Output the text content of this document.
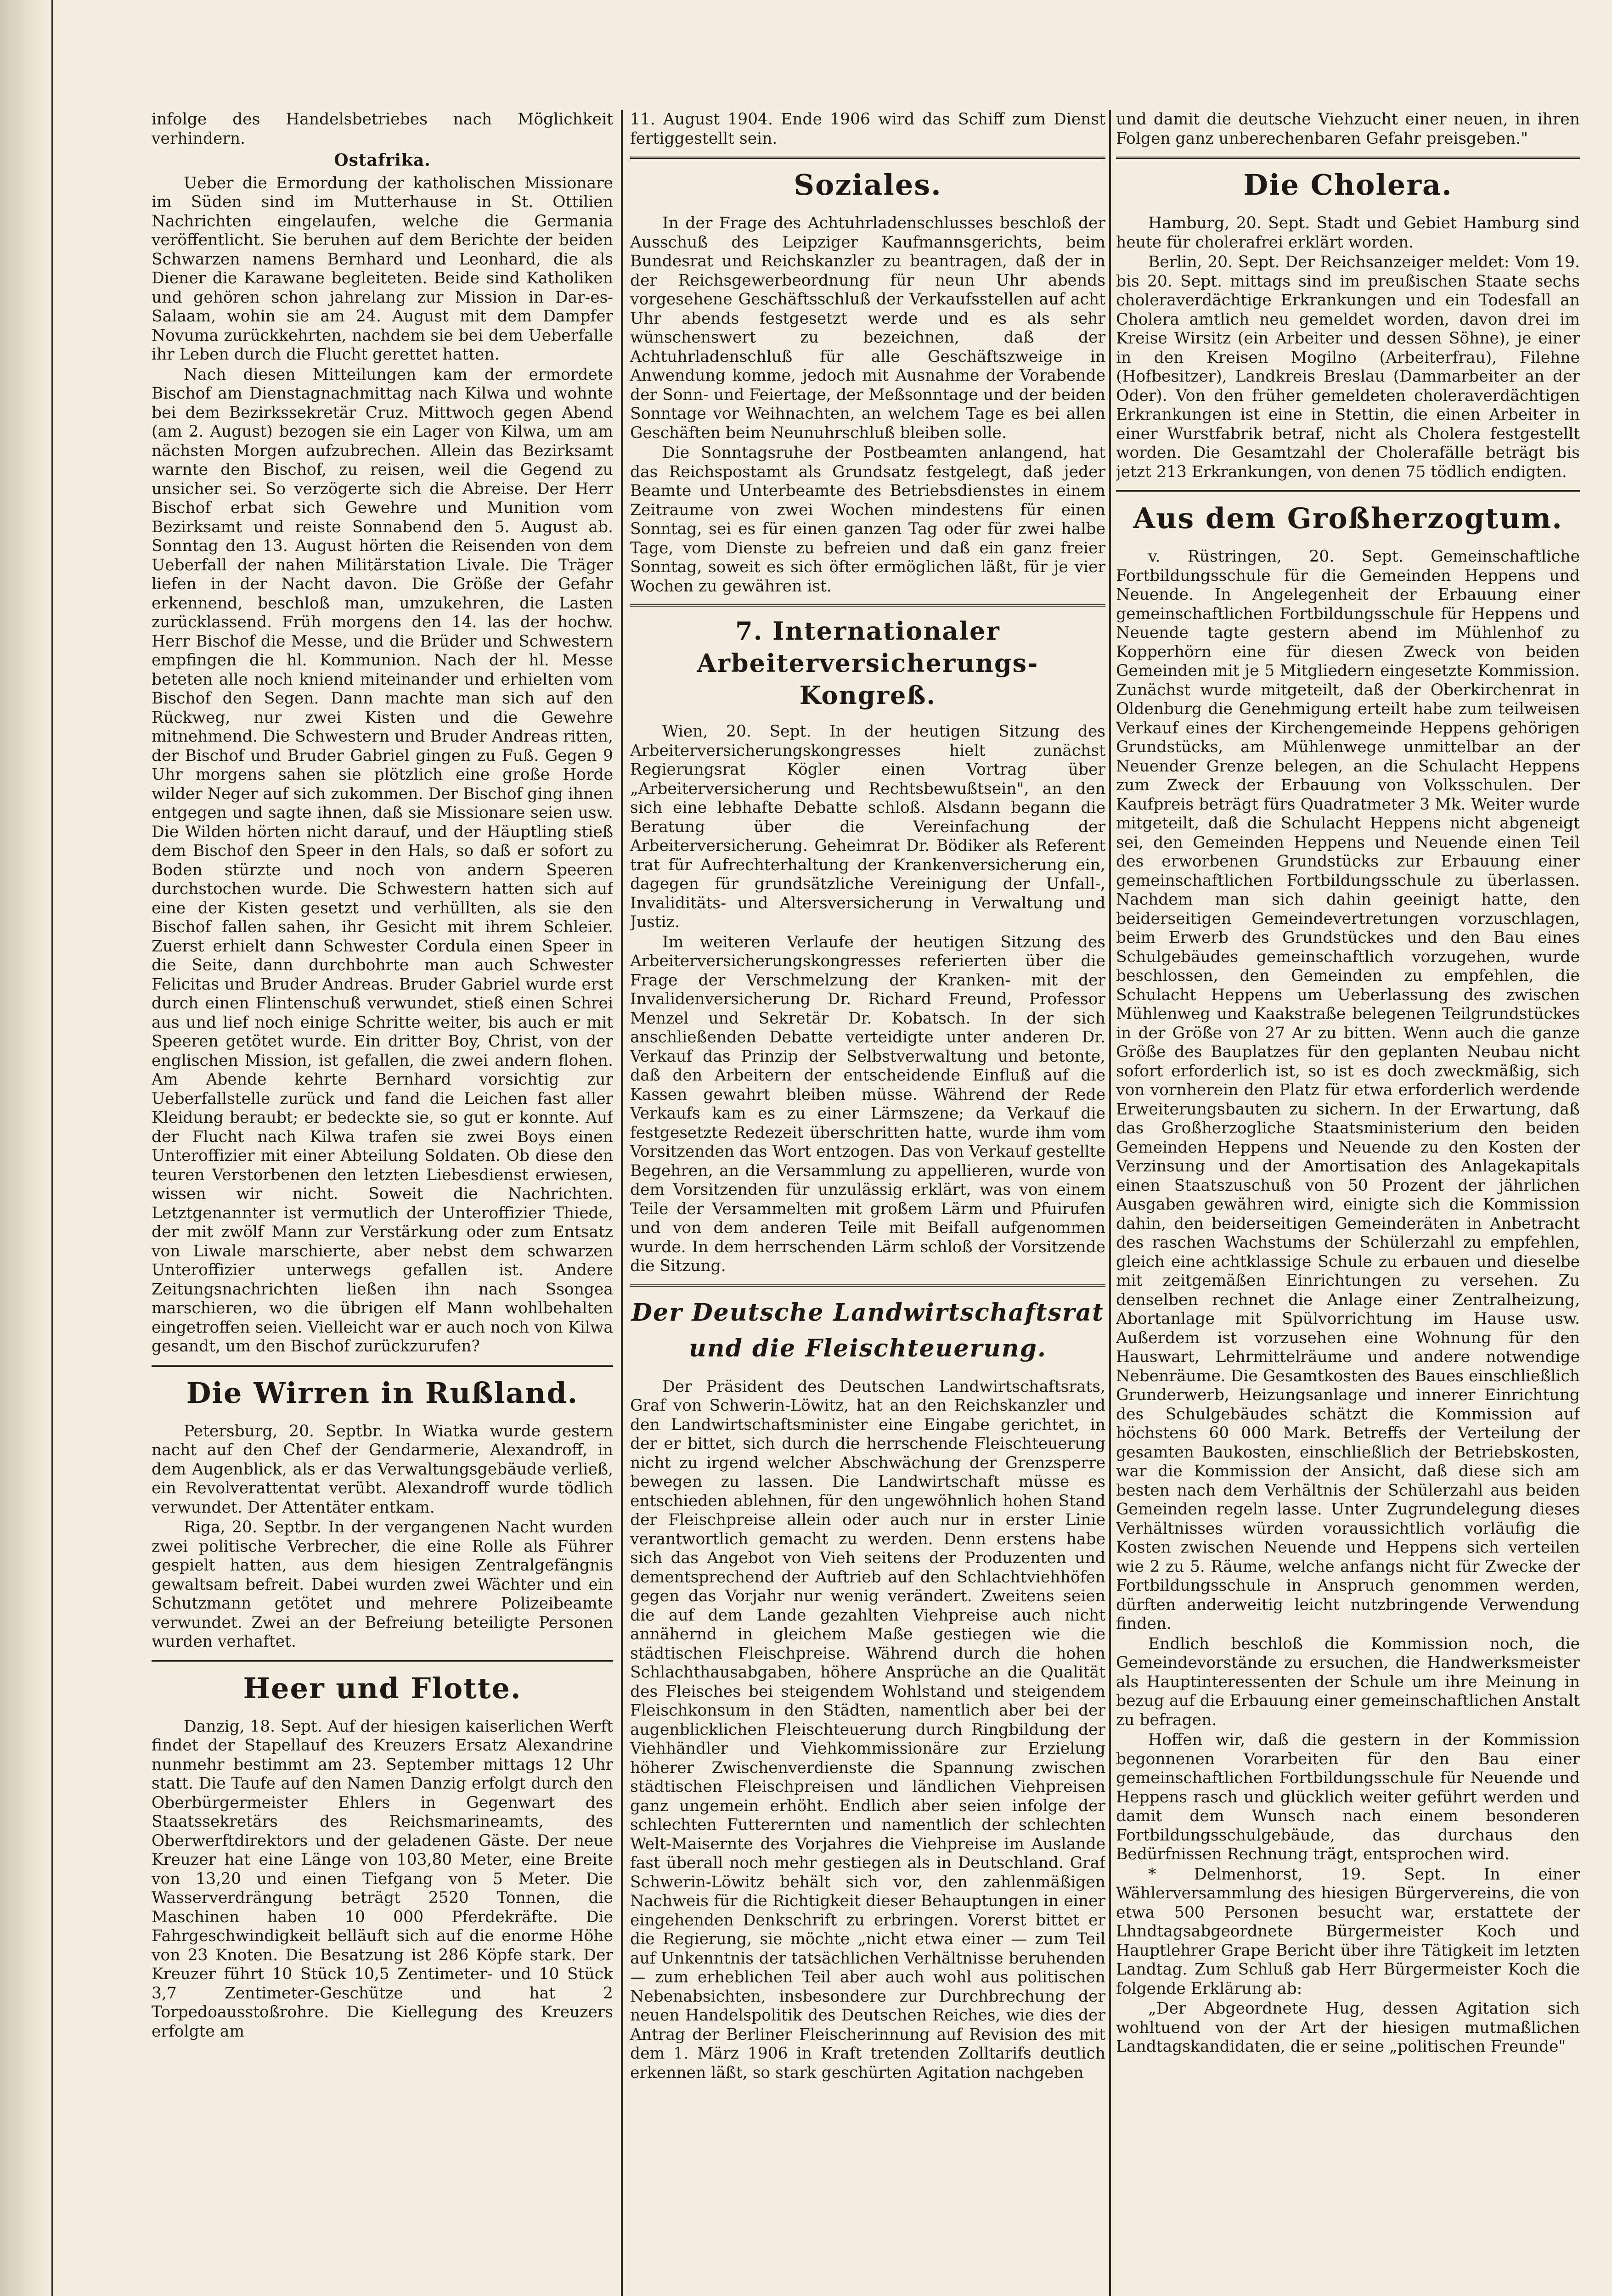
infolge des Handelsbetriebes nach Möglichkeit verhindern.

Ostafrika.

Ueber die Ermordung der katholischen Missionare im Süden sind im Mutterhause in St. Ottilien Nachrichten eingelaufen, welche die Germania veröffentlicht. Sie beruhen auf dem Berichte der beiden Schwarzen namens Bernhard und Leonhard, die als Diener die Karawane begleiteten. Beide sind Katholiken und gehören schon jahrelang zur Mission in Dar-es-Salaam, wohin sie am 24. August mit dem Dampfer Novuma zurückkehrten, nachdem sie bei dem Ueberfalle ihr Leben durch die Flucht gerettet hatten.

Nach diesen Mitteilungen kam der ermordete Bischof am Dienstagnachmittag nach Kilwa und wohnte bei dem Bezirkssekretär Cruz. Mittwoch gegen Abend (am 2. August) bezogen sie ein Lager von Kilwa, um am nächsten Morgen aufzubrechen. Allein das Bezirksamt warnte den Bischof, zu reisen, weil die Gegend zu unsicher sei. So verzögerte sich die Abreise. Der Herr Bischof erbat sich Gewehre und Munition vom Bezirksamt und reiste Sonnabend den 5. August ab. Sonntag den 13. August hörten die Reisenden von dem Ueberfall der nahen Militärstation Livale. Die Träger liefen in der Nacht davon. Die Größe der Gefahr erkennend, beschloß man, umzukehren, die Lasten zurücklassend. Früh morgens den 14. las der hochw. Herr Bischof die Messe, und die Brüder und Schwestern empfingen die hl. Kommunion. Nach der hl. Messe beteten alle noch kniend miteinander und erhielten vom Bischof den Segen. Dann machte man sich auf den Rückweg, nur zwei Kisten und die Gewehre mitnehmend. Die Schwestern und Bruder Andreas ritten, der Bischof und Bruder Gabriel gingen zu Fuß. Gegen 9 Uhr morgens sahen sie plötzlich eine große Horde wilder Neger auf sich zukommen. Der Bischof ging ihnen entgegen und sagte ihnen, daß sie Missionare seien usw. Die Wilden hörten nicht darauf, und der Häuptling stieß dem Bischof den Speer in den Hals, so daß er sofort zu Boden stürzte und noch von andern Speeren durchstochen wurde. Die Schwestern hatten sich auf eine der Kisten gesetzt und verhüllten, als sie den Bischof fallen sahen, ihr Gesicht mit ihrem Schleier. Zuerst erhielt dann Schwester Cordula einen Speer in die Seite, dann durchbohrte man auch Schwester Felicitas und Bruder Andreas. Bruder Gabriel wurde erst durch einen Flintenschuß verwundet, stieß einen Schrei aus und lief noch einige Schritte weiter, bis auch er mit Speeren getötet wurde. Ein dritter Boy, Christ, von der englischen Mission, ist gefallen, die zwei andern flohen. Am Abende kehrte Bernhard vorsichtig zur Ueberfallstelle zurück und fand die Leichen fast aller Kleidung beraubt; er bedeckte sie, so gut er konnte. Auf der Flucht nach Kilwa trafen sie zwei Boys einen Unteroffizier mit einer Abteilung Soldaten. Ob diese den teuren Verstorbenen den letzten Liebesdienst erwiesen, wissen wir nicht. Soweit die Nachrichten. Letztgenannter ist vermutlich der Unteroffizier Thiede, der mit zwölf Mann zur Verstärkung oder zum Entsatz von Liwale marschierte, aber nebst dem schwarzen Unteroffizier unterwegs gefallen ist. Andere Zeitungsnachrichten ließen ihn nach Ssongea marschieren, wo die übrigen elf Mann wohlbehalten eingetroffen seien. Vielleicht war er auch noch von Kilwa gesandt, um den Bischof zurückzurufen?

Die Wirren in Rußland.

Petersburg, 20. Septbr. In Wiatka wurde gestern nacht auf den Chef der Gendarmerie, Alexandroff, in dem Augenblick, als er das Verwaltungsgebäude verließ, ein Revolverattentat verübt. Alexandroff wurde tödlich verwundet. Der Attentäter entkam.

Riga, 20. Septbr. In der vergangenen Nacht wurden zwei politische Verbrecher, die eine Rolle als Führer gespielt hatten, aus dem hiesigen Zentralgefängnis gewaltsam befreit. Dabei wurden zwei Wächter und ein Schutzmann getötet und mehrere Polizeibeamte verwundet. Zwei an der Befreiung beteiligte Personen wurden verhaftet.

Heer und Flotte.

Danzig, 18. Sept. Auf der hiesigen kaiserlichen Werft findet der Stapellauf des Kreuzers Ersatz Alexandrine nunmehr bestimmt am 23. September mittags 12 Uhr statt. Die Taufe auf den Namen Danzig erfolgt durch den Oberbürgermeister Ehlers in Gegenwart des Staatssekretärs des Reichsmarineamts, des Oberwerftdirektors und der geladenen Gäste. Der neue Kreuzer hat eine Länge von 103,80 Meter, eine Breite von 13,20 und einen Tiefgang von 5 Meter. Die Wasserverdrängung beträgt 2520 Tonnen, die Maschinen haben 10 000 Pferdekräfte. Die Fahrgeschwindigkeit belläuft sich auf die enorme Höhe von 23 Knoten. Die Besatzung ist 286 Köpfe stark. Der Kreuzer führt 10 Stück 10,5 Zentimeter- und 10 Stück 3,7 Zentimeter-Geschütze und hat 2 Torpedoausstoßrohre. Die Kiellegung des Kreuzers erfolgte am

11. August 1904. Ende 1906 wird das Schiff zum Dienst fertiggestellt sein.

Soziales.

In der Frage des Achtuhrladenschlusses beschloß der Ausschuß des Leipziger Kaufmannsgerichts, beim Bundesrat und Reichskanzler zu beantragen, daß der in der Reichsgewerbeordnung für neun Uhr abends vorgesehene Geschäftsschluß der Verkaufsstellen auf acht Uhr abends festgesetzt werde und es als sehr wünschenswert zu bezeichnen, daß der Achtuhrladenschluß für alle Geschäftszweige in Anwendung komme, jedoch mit Ausnahme der Vorabende der Sonn- und Feiertage, der Meßsonntage und der beiden Sonntage vor Weihnachten, an welchem Tage es bei allen Geschäften beim Neunuhrschluß bleiben solle.

Die Sonntagsruhe der Postbeamten anlangend, hat das Reichspostamt als Grundsatz festgelegt, daß jeder Beamte und Unterbeamte des Betriebsdienstes in einem Zeitraume von zwei Wochen mindestens für einen Sonntag, sei es für einen ganzen Tag oder für zwei halbe Tage, vom Dienste zu befreien und daß ein ganz freier Sonntag, soweit es sich öfter ermöglichen läßt, für je vier Wochen zu gewähren ist.

7. Internationaler Arbeiterversicherungs-Kongreß.

Wien, 20. Sept. In der heutigen Sitzung des Arbeiterversicherungskongresses hielt zunächst Regierungsrat Kögler einen Vortrag über „Arbeiterversicherung und Rechtsbewußtsein", an den sich eine lebhafte Debatte schloß. Alsdann begann die Beratung über die Vereinfachung der Arbeiterversicherung. Geheimrat Dr. Bödiker als Referent trat für Aufrechterhaltung der Krankenversicherung ein, dagegen für grundsätzliche Vereinigung der Unfall-, Invaliditäts- und Altersversicherung in Verwaltung und Justiz.

Im weiteren Verlaufe der heutigen Sitzung des Arbeiterversicherungskongresses referierten über die Frage der Verschmelzung der Kranken- mit der Invalidenversicherung Dr. Richard Freund, Professor Menzel und Sekretär Dr. Kobatsch. In der sich anschließenden Debatte verteidigte unter anderen Dr. Verkauf das Prinzip der Selbstverwaltung und betonte, daß den Arbeitern der entscheidende Einfluß auf die Kassen gewahrt bleiben müsse. Während der Rede Verkaufs kam es zu einer Lärmszene; da Verkauf die festgesetzte Redezeit überschritten hatte, wurde ihm vom Vorsitzenden das Wort entzogen. Das von Verkauf gestellte Begehren, an die Versammlung zu appellieren, wurde von dem Vorsitzenden für unzulässig erklärt, was von einem Teile der Versammelten mit großem Lärm und Pfuirufen und von dem anderen Teile mit Beifall aufgenommen wurde. In dem herrschenden Lärm schloß der Vorsitzende die Sitzung.

Der Deutsche Landwirtschaftsrat und die Fleischteuerung.

Der Präsident des Deutschen Landwirtschaftsrats, Graf von Schwerin-Löwitz, hat an den Reichskanzler und den Landwirtschaftsminister eine Eingabe gerichtet, in der er bittet, sich durch die herrschende Fleischteuerung nicht zu irgend welcher Abschwächung der Grenzsperre bewegen zu lassen. Die Landwirtschaft müsse es entschieden ablehnen, für den ungewöhnlich hohen Stand der Fleischpreise allein oder auch nur in erster Linie verantwortlich gemacht zu werden. Denn erstens habe sich das Angebot von Vieh seitens der Produzenten und dementsprechend der Auftrieb auf den Schlachtviehhöfen gegen das Vorjahr nur wenig verändert. Zweitens seien die auf dem Lande gezahlten Viehpreise auch nicht annähernd in gleichem Maße gestiegen wie die städtischen Fleischpreise. Während durch die hohen Schlachthausabgaben, höhere Ansprüche an die Qualität des Fleisches bei steigendem Wohlstand und steigendem Fleischkonsum in den Städten, namentlich aber bei der augenblicklichen Fleischteuerung durch Ringbildung der Viehhändler und Viehkommissionäre zur Erzielung höherer Zwischenverdienste die Spannung zwischen städtischen Fleischpreisen und ländlichen Viehpreisen ganz ungemein erhöht. Endlich aber seien infolge der schlechten Futterernten und namentlich der schlechten Welt-Maisernte des Vorjahres die Viehpreise im Auslande fast überall noch mehr gestiegen als in Deutschland. Graf Schwerin-Löwitz behält sich vor, den zahlenmäßigen Nachweis für die Richtigkeit dieser Behauptungen in einer eingehenden Denkschrift zu erbringen. Vorerst bittet er die Regierung, sie möchte „nicht etwa einer — zum Teil auf Unkenntnis der tatsächlichen Verhältnisse beruhenden — zum erheblichen Teil aber auch wohl aus politischen Nebenabsichten, insbesondere zur Durchbrechung der neuen Handelspolitik des Deutschen Reiches, wie dies der Antrag der Berliner Fleischerinnung auf Revision des mit dem 1. März 1906 in Kraft tretenden Zolltarifs deutlich erkennen läßt, so stark geschürten Agitation nachgeben

und damit die deutsche Viehzucht einer neuen, in ihren Folgen ganz unberechenbaren Gefahr preisgeben."

Die Cholera.

Hamburg, 20. Sept. Stadt und Gebiet Hamburg sind heute für cholerafrei erklärt worden.

Berlin, 20. Sept. Der Reichsanzeiger meldet: Vom 19. bis 20. Sept. mittags sind im preußischen Staate sechs choleraverdächtige Erkrankungen und ein Todesfall an Cholera amtlich neu gemeldet worden, davon drei im Kreise Wirsitz (ein Arbeiter und dessen Söhne), je einer in den Kreisen Mogilno (Arbeiterfrau), Filehne (Hofbesitzer), Landkreis Breslau (Dammarbeiter an der Oder). Von den früher gemeldeten choleraverdächtigen Erkrankungen ist eine in Stettin, die einen Arbeiter in einer Wurstfabrik betraf, nicht als Cholera festgestellt worden. Die Gesamtzahl der Cholerafälle beträgt bis jetzt 213 Erkrankungen, von denen 75 tödlich endigten.

Aus dem Großherzogtum.

v. Rüstringen, 20. Sept. Gemeinschaftliche Fortbildungsschule für die Gemeinden Heppens und Neuende. In Angelegenheit der Erbauung einer gemeinschaftlichen Fortbildungsschule für Heppens und Neuende tagte gestern abend im Mühlenhof zu Kopperhörn eine für diesen Zweck von beiden Gemeinden mit je 5 Mitgliedern eingesetzte Kommission. Zunächst wurde mitgeteilt, daß der Oberkirchenrat in Oldenburg die Genehmigung erteilt habe zum teilweisen Verkauf eines der Kirchengemeinde Heppens gehörigen Grundstücks, am Mühlenwege unmittelbar an der Neuender Grenze belegen, an die Schulacht Heppens zum Zweck der Erbauung von Volksschulen. Der Kaufpreis beträgt fürs Quadratmeter 3 Mk. Weiter wurde mitgeteilt, daß die Schulacht Heppens nicht abgeneigt sei, den Gemeinden Heppens und Neuende einen Teil des erworbenen Grundstücks zur Erbauung einer gemeinschaftlichen Fortbildungsschule zu überlassen. Nachdem man sich dahin geeinigt hatte, den beiderseitigen Gemeindevertretungen vorzuschlagen, beim Erwerb des Grundstückes und den Bau eines Schulgebäudes gemeinschaftlich vorzugehen, wurde beschlossen, den Gemeinden zu empfehlen, die Schulacht Heppens um Ueberlassung des zwischen Mühlenweg und Kaakstraße belegenen Teilgrundstückes in der Größe von 27 Ar zu bitten. Wenn auch die ganze Größe des Bauplatzes für den geplanten Neubau nicht sofort erforderlich ist, so ist es doch zweckmäßig, sich von vornherein den Platz für etwa erforderlich werdende Erweiterungsbauten zu sichern. In der Erwartung, daß das Großherzogliche Staatsministerium den beiden Gemeinden Heppens und Neuende zu den Kosten der Verzinsung und der Amortisation des Anlagekapitals einen Staatszuschuß von 50 Prozent der jährlichen Ausgaben gewähren wird, einigte sich die Kommission dahin, den beiderseitigen Gemeinderäten in Anbetracht des raschen Wachstums der Schülerzahl zu empfehlen, gleich eine achtklassige Schule zu erbauen und dieselbe mit zeitgemäßen Einrichtungen zu versehen. Zu denselben rechnet die Anlage einer Zentralheizung, Abortanlage mit Spülvorrichtung im Hause usw. Außerdem ist vorzusehen eine Wohnung für den Hauswart, Lehrmittelräume und andere notwendige Nebenräume. Die Gesamtkosten des Baues einschließlich Grunderwerb, Heizungsanlage und innerer Einrichtung des Schulgebäudes schätzt die Kommission auf höchstens 60 000 Mark. Betreffs der Verteilung der gesamten Baukosten, einschließlich der Betriebskosten, war die Kommission der Ansicht, daß diese sich am besten nach dem Verhältnis der Schülerzahl aus beiden Gemeinden regeln lasse. Unter Zugrundelegung dieses Verhältnisses würden voraussichtlich vorläufig die Kosten zwischen Neuende und Heppens sich verteilen wie 2 zu 5. Räume, welche anfangs nicht für Zwecke der Fortbildungsschule in Anspruch genommen werden, dürften anderweitig leicht nutzbringende Verwendung finden.

Endlich beschloß die Kommission noch, die Gemeindevorstände zu ersuchen, die Handwerksmeister als Hauptinteressenten der Schule um ihre Meinung in bezug auf die Erbauung einer gemeinschaftlichen Anstalt zu befragen.

Hoffen wir, daß die gestern in der Kommission begonnenen Vorarbeiten für den Bau einer gemeinschaftlichen Fortbildungsschule für Neuende und Heppens rasch und glücklich weiter geführt werden und damit dem Wunsch nach einem besonderen Fortbildungsschulgebäude, das durchaus den Bedürfnissen Rechnung trägt, entsprochen wird.

* Delmenhorst, 19. Sept. In einer Wählerversammlung des hiesigen Bürgervereins, die von etwa 500 Personen besucht war, erstattete der Lhndtagsabgeordnete Bürgermeister Koch und Hauptlehrer Grape Bericht über ihre Tätigkeit im letzten Landtag. Zum Schluß gab Herr Bürgermeister Koch die folgende Erklärung ab:

„Der Abgeordnete Hug, dessen Agitation sich wohltuend von der Art der hiesigen mutmaßlichen Landtagskandidaten, die er seine „politischen Freunde"
